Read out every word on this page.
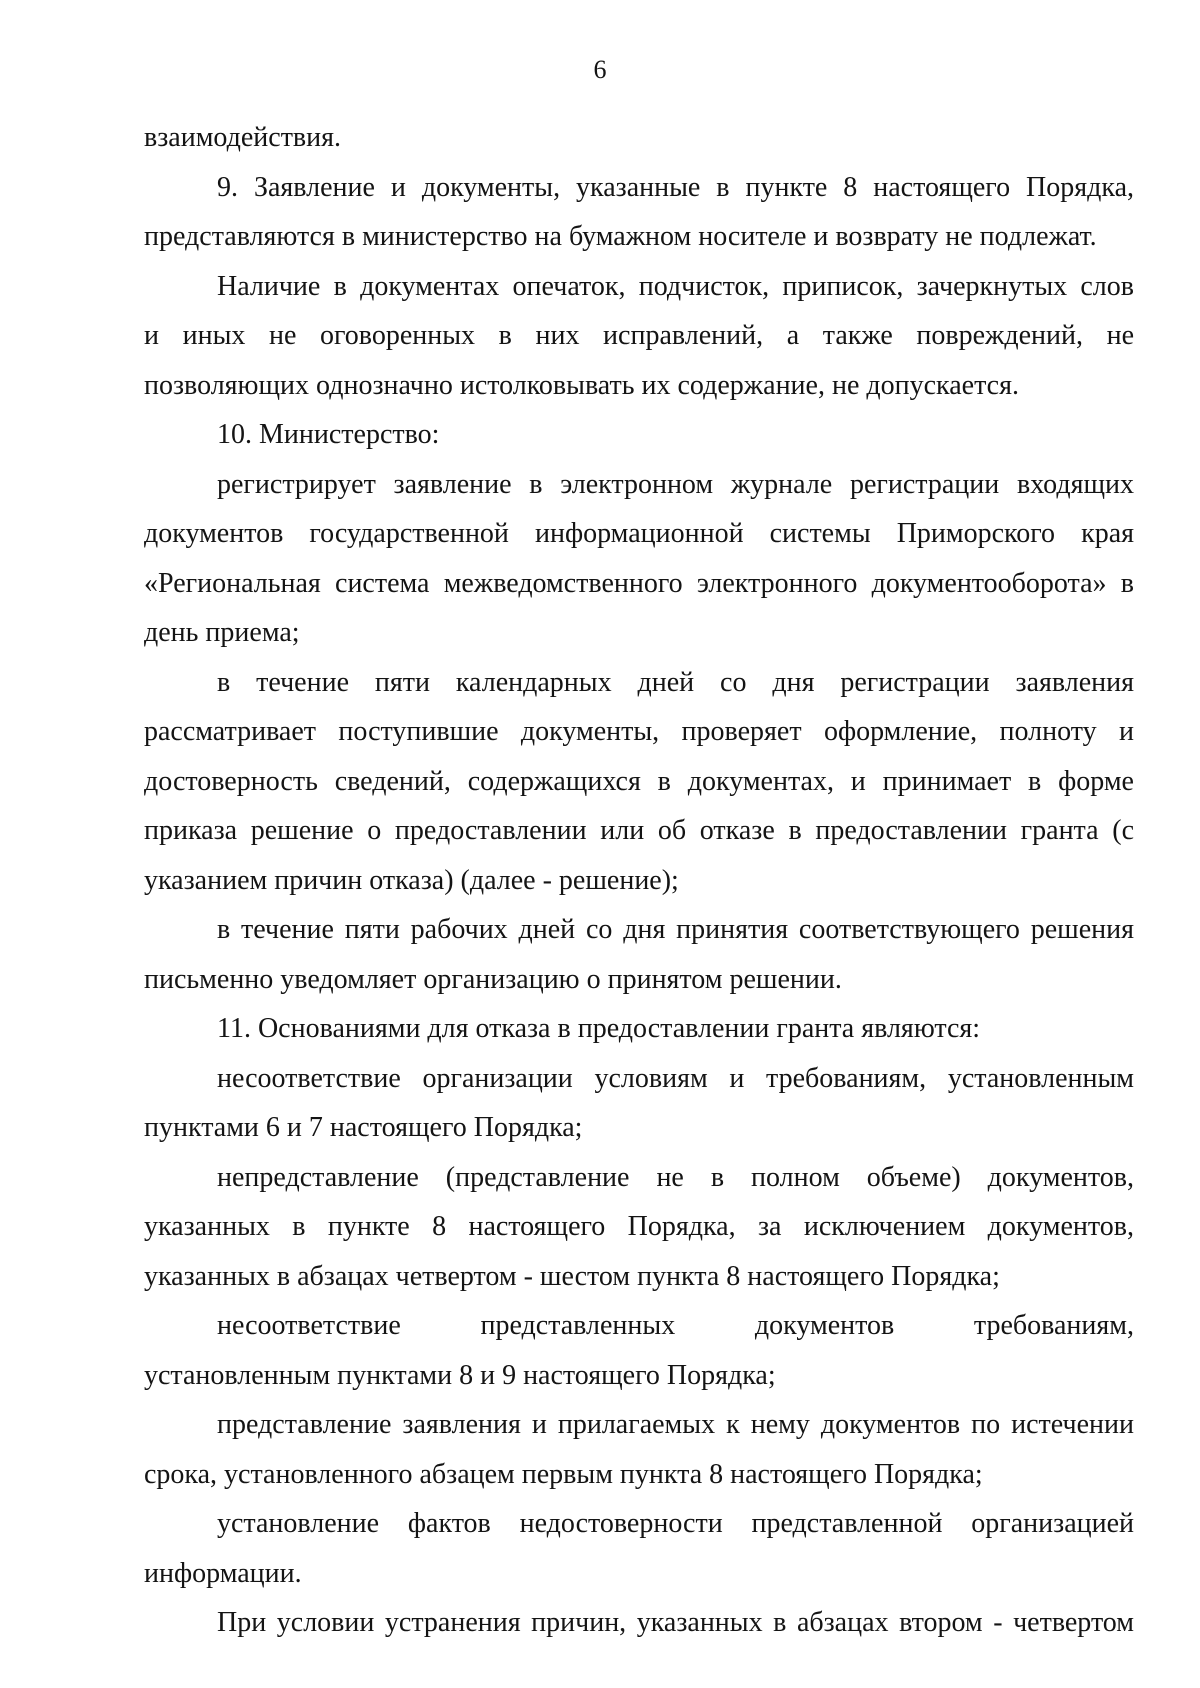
6
взаимодействия.
9. Заявление и документы, указанные в пункте 8 настоящего Порядка,
представляются в министерство на бумажном носителе и возврату не подлежат.
Наличие в документах опечаток, подчисток, приписок, зачеркнутых слов
и иных не оговоренных в них исправлений, а также повреждений, не
позволяющих однозначно истолковывать их содержание, не допускается.
10. Министерство:
регистрирует заявление в электронном журнале регистрации входящих
документов государственной информационной системы Приморского края
«Региональная система межведомственного электронного документооборота» в
день приема;
в течение пяти календарных дней со дня регистрации заявления
рассматривает поступившие документы, проверяет оформление, полноту и
достоверность сведений, содержащихся в документах, и принимает в форме
приказа решение о предоставлении или об отказе в предоставлении гранта (с
указанием причин отказа) (далее - решение);
в течение пяти рабочих дней со дня принятия соответствующего решения
письменно уведомляет организацию о принятом решении.
11. Основаниями для отказа в предоставлении гранта являются:
несоответствие организации условиям и требованиям, установленным
пунктами 6 и 7 настоящего Порядка;
непредставление (представление не в полном объеме) документов,
указанных в пункте 8 настоящего Порядка, за исключением документов,
указанных в абзацах четвертом - шестом пункта 8 настоящего Порядка;
несоответствие представленных документов требованиям,
установленным пунктами 8 и 9 настоящего Порядка;
представление заявления и прилагаемых к нему документов по истечении
срока, установленного абзацем первым пункта 8 настоящего Порядка;
установление фактов недостоверности представленной организацией
информации.
При условии устранения причин, указанных в абзацах втором - четвертом
